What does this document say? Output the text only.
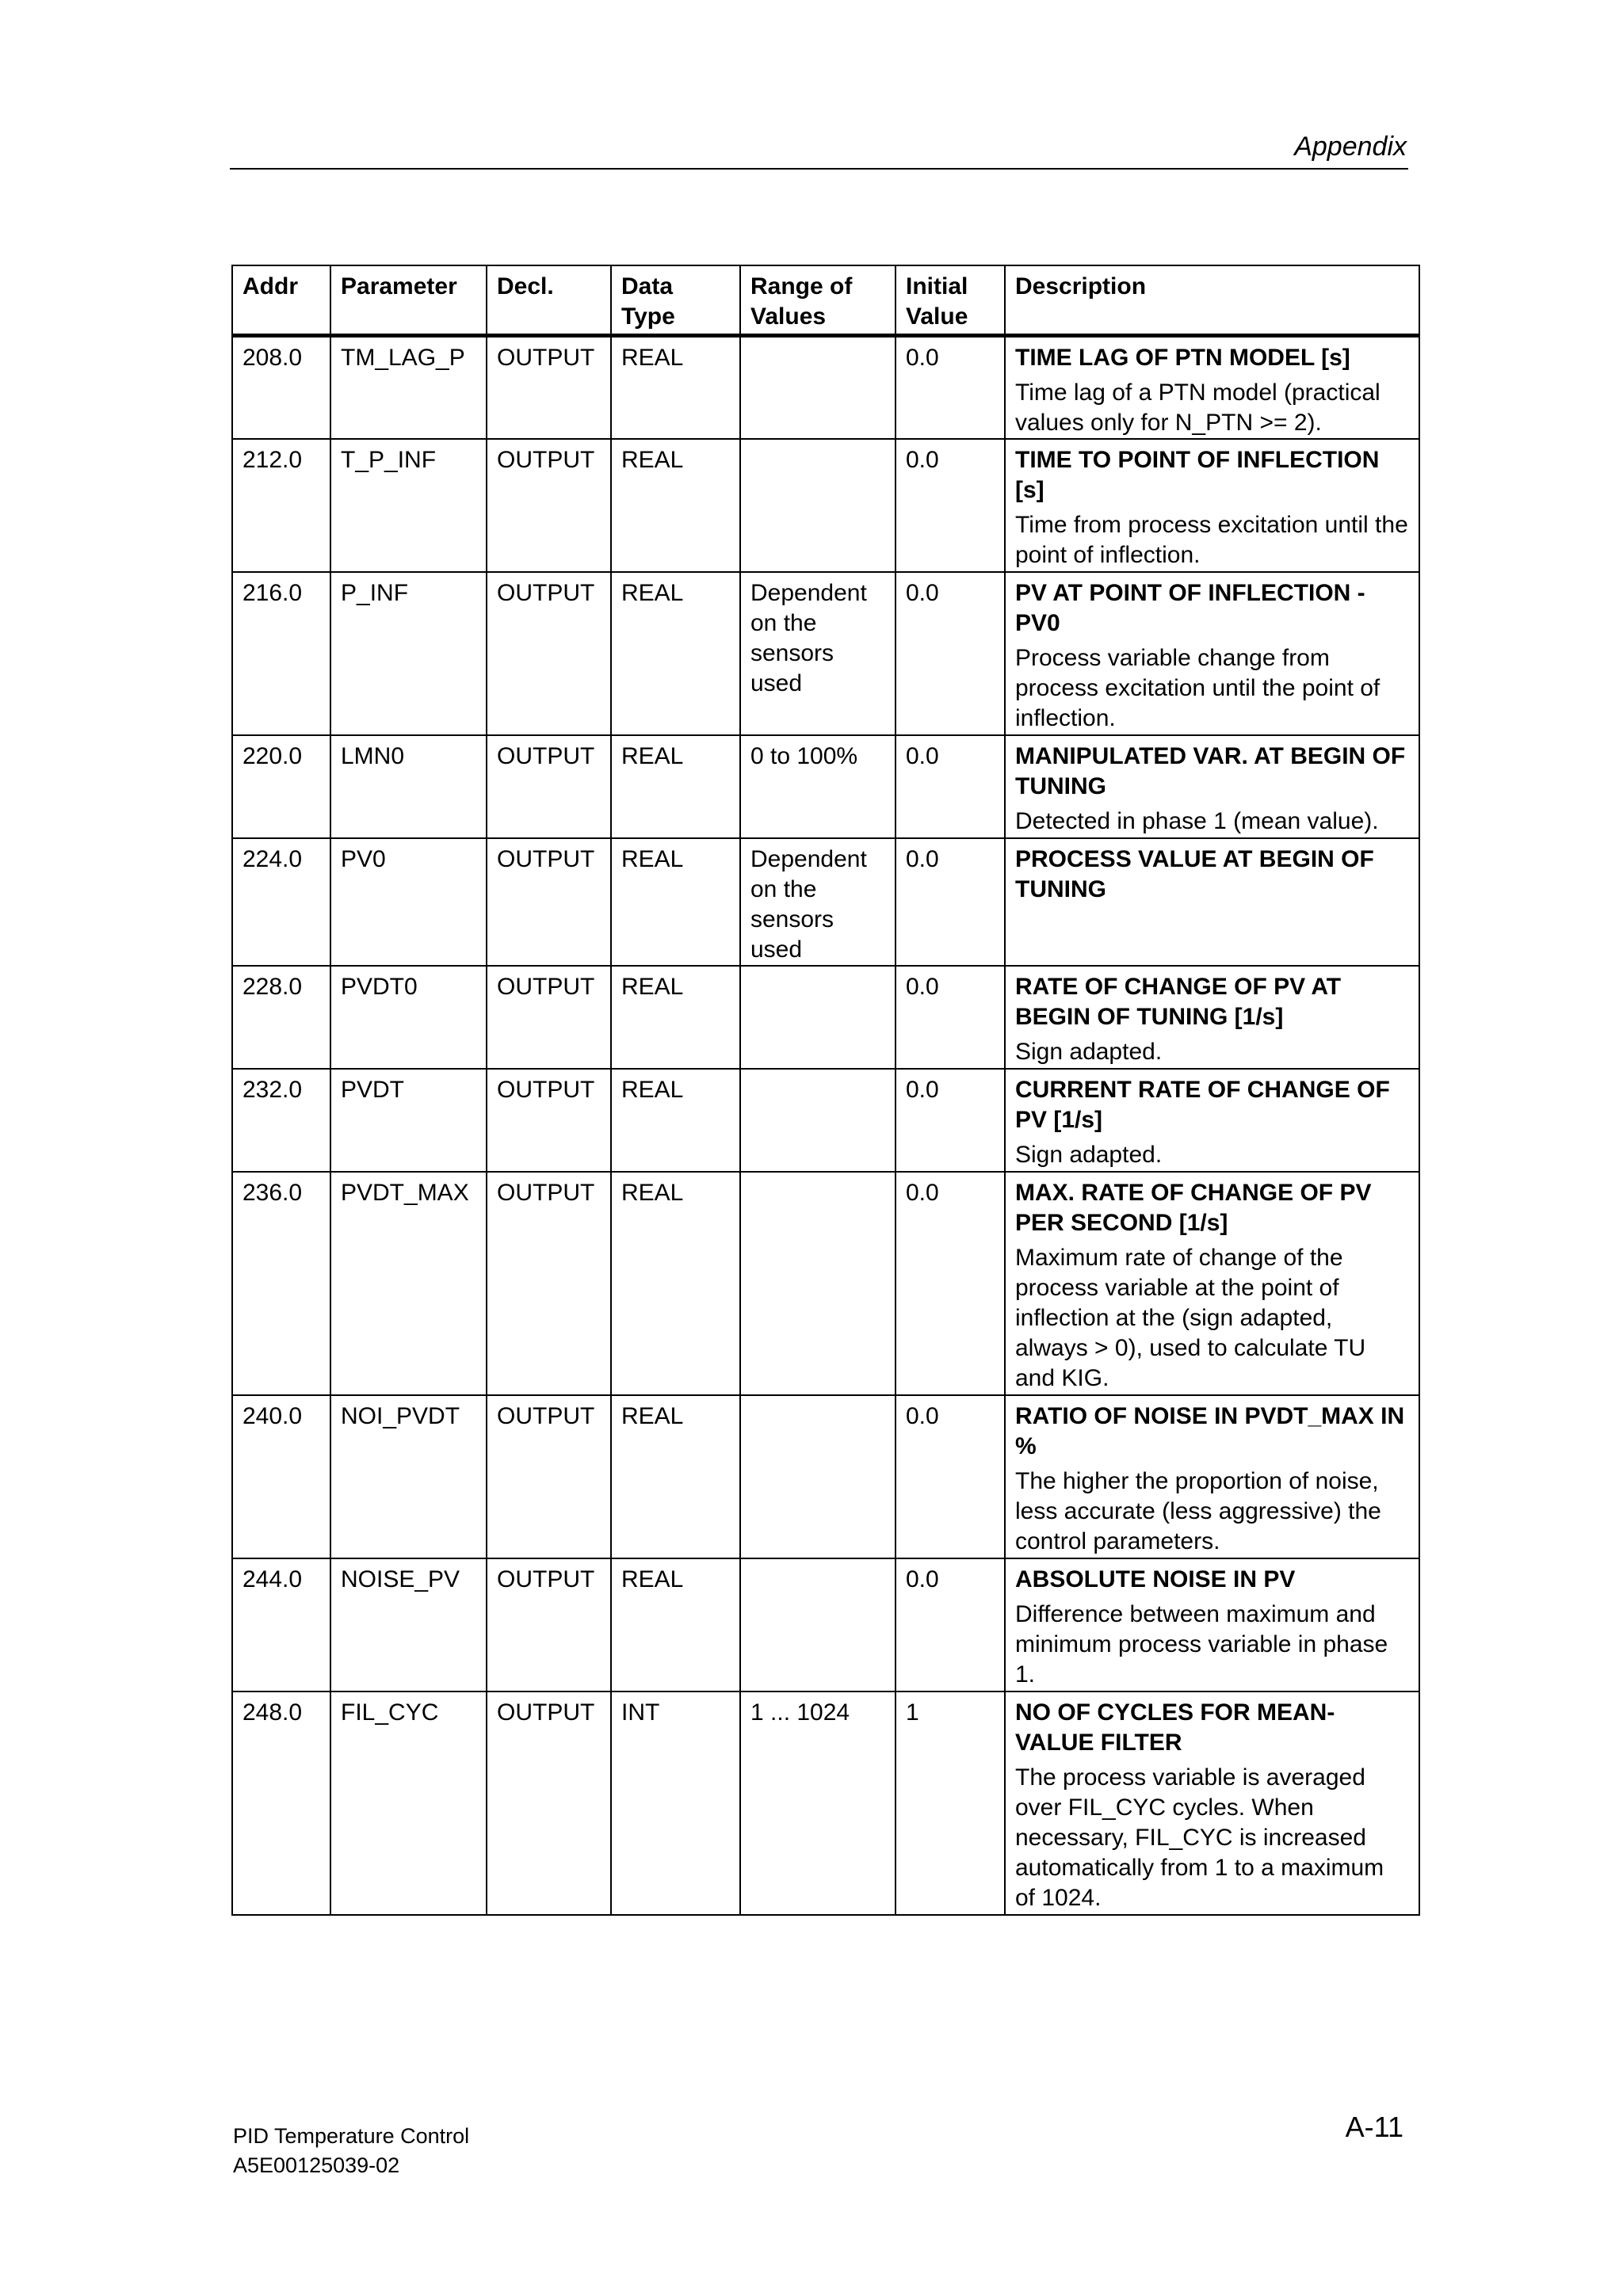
Appendix
Addr	Parameter	Decl.	Data Type	Range of Values	Initial Value	Description
208.0	TM_LAG_P	OUTPUT	REAL		0.0	TIME LAG OF PTN MODEL [s]
Time lag of a PTN model (practical values only for N_PTN >= 2).

212.0	T_P_INF	OUTPUT	REAL		0.0	TIME TO POINT OF INFLECTION [s]
Time from process excitation until the point of inflection.

216.0	P_INF	OUTPUT	REAL	Dependent on the sensors used	0.0	PV AT POINT OF INFLECTION - PV0
Process variable change from process excitation until the point of inflection.

220.0	LMN0	OUTPUT	REAL	0 to 100%	0.0	MANIPULATED VAR. AT BEGIN OF TUNING
Detected in phase 1 (mean value).

224.0	PV0	OUTPUT	REAL	Dependent on the sensors used	0.0	PROCESS VALUE AT BEGIN OF TUNING

228.0	PVDT0	OUTPUT	REAL		0.0	RATE OF CHANGE OF PV AT BEGIN OF TUNING [1/s]
Sign adapted.

232.0	PVDT	OUTPUT	REAL		0.0	CURRENT RATE OF CHANGE OF PV [1/s]
Sign adapted.

236.0	PVDT_MAX	OUTPUT	REAL		0.0	MAX. RATE OF CHANGE OF PV PER SECOND [1/s]
Maximum rate of change of the process variable at the point of inflection at the (sign adapted, always > 0), used to calculate TU and KIG.

240.0	NOI_PVDT	OUTPUT	REAL		0.0	RATIO OF NOISE IN PVDT_MAX IN %
The higher the proportion of noise, less accurate (less aggressive) the control parameters.

244.0	NOISE_PV	OUTPUT	REAL		0.0	ABSOLUTE NOISE IN PV
Difference between maximum and minimum process variable in phase 1.

248.0	FIL_CYC	OUTPUT	INT	1 ... 1024	1	NO OF CYCLES FOR MEAN-VALUE FILTER
The process variable is averaged over FIL_CYC cycles. When necessary, FIL_CYC is increased automatically from 1 to a maximum of 1024.
PID Temperature Control
A5E00125039-02
A-11
